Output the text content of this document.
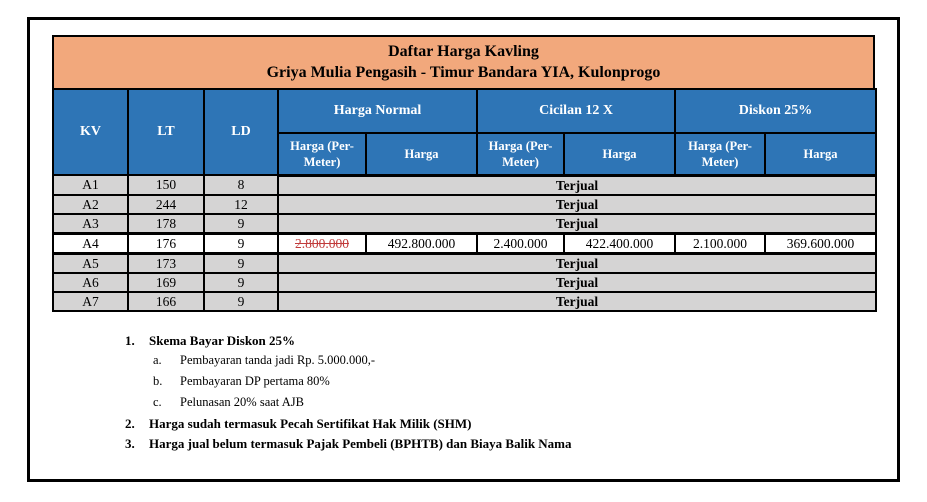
Daftar Harga Kavling
Griya Mulia Pengasih - Timur Bandara YIA, Kulonprogo
KV	LT	LD	Harga Normal		Cicilan 12 X		Diskon 25%	
			Harga (Per-Meter)	Harga	Harga (Per-Meter)	Harga	Harga (Per-Meter)	Harga
A1	150	8	Terjual					
A2	244	12	Terjual					
A3	178	9	Terjual					
A4	176	9	2.800.000	492.800.000	2.400.000	422.400.000	2.100.000	369.600.000
A5	173	9	Terjual					
A6	169	9	Terjual					
A7	166	9	Terjual					
1.	Skema Bayar Diskon 25%
a.	Pembayaran tanda jadi Rp. 5.000.000,-
b.	Pembayaran DP pertama 80%
c.	Pelunasan 20% saat AJB
2.	Harga sudah termasuk Pecah Sertifikat Hak Milik (SHM)
3.	Harga jual belum termasuk Pajak Pembeli (BPHTB) dan Biaya Balik Nama
